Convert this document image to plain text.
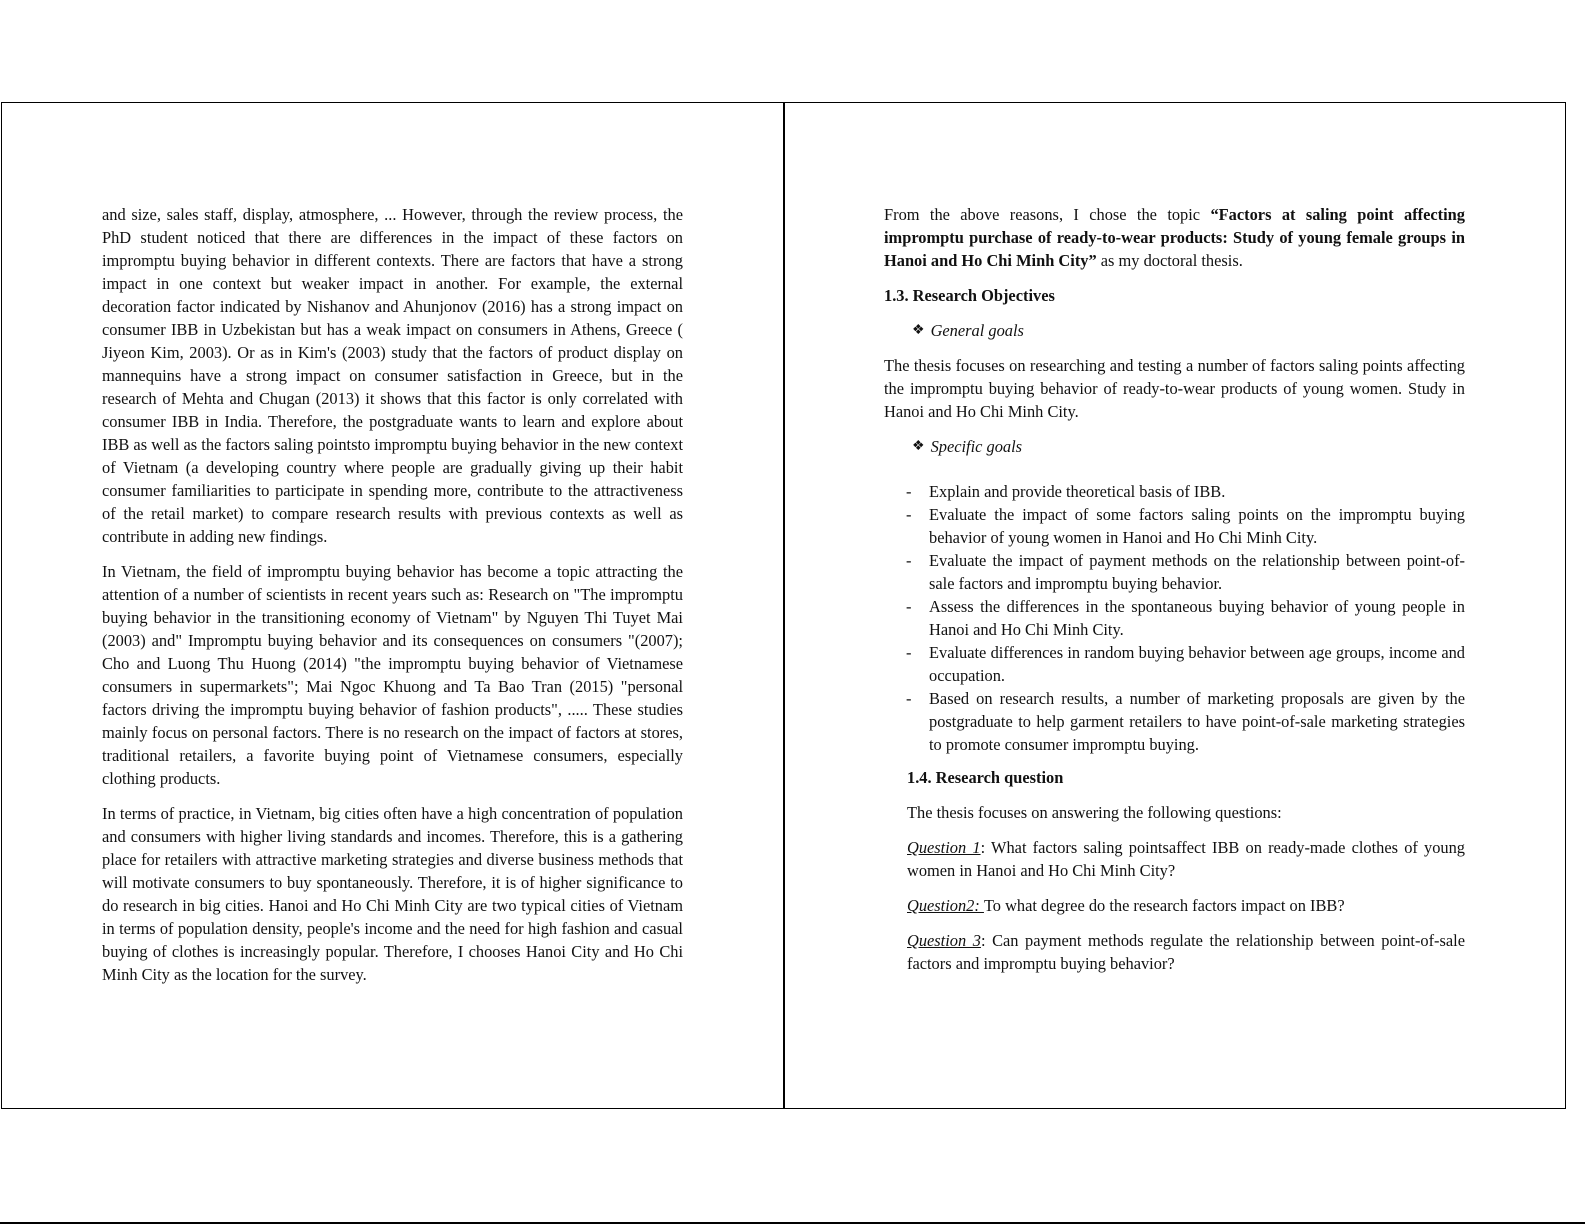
and size, sales staff, display, atmosphere, ... However, through the review process, the PhD student noticed that there are differences in the impact of these factors on impromptu buying behavior in different contexts. There are factors that have a strong impact in one context but weaker impact in another. For example, the external decoration factor indicated by Nishanov and Ahunjonov (2016) has a strong impact on consumer IBB in Uzbekistan but has a weak impact on consumers in Athens, Greece ( Jiyeon Kim, 2003). Or as in Kim's (2003) study that the factors of product display on mannequins have a strong impact on consumer satisfaction in Greece, but in the research of Mehta and Chugan (2013) it shows that this factor is only correlated with consumer IBB in India. Therefore, the postgraduate wants to learn and explore about IBB as well as the factors saling pointsto impromptu buying behavior in the new context of Vietnam (a developing country where people are gradually giving up their habit consumer familiarities to participate in spending more, contribute to the attractiveness of the retail market) to compare research results with previous contexts as well as contribute in adding new findings.

In Vietnam, the field of impromptu buying behavior has become a topic attracting the attention of a number of scientists in recent years such as: Research on "The impromptu buying behavior in the transitioning economy of Vietnam" by Nguyen Thi Tuyet Mai (2003) and" Impromptu buying behavior and its consequences on consumers "(2007); Cho and Luong Thu Huong (2014) "the impromptu buying behavior of Vietnamese consumers in supermarkets"; Mai Ngoc Khuong and Ta Bao Tran (2015) "personal factors driving the impromptu buying behavior of fashion products", ..... These studies mainly focus on personal factors. There is no research on the impact of factors at stores, traditional retailers, a favorite buying point of Vietnamese consumers, especially clothing products.

In terms of practice, in Vietnam, big cities often have a high concentration of population and consumers with higher living standards and incomes. Therefore, this is a gathering place for retailers with attractive marketing strategies and diverse business methods that will motivate consumers to buy spontaneously. Therefore, it is of higher significance to do research in big cities. Hanoi and Ho Chi Minh City are two typical cities of Vietnam in terms of population density, people's income and the need for high fashion and casual buying of clothes is increasingly popular. Therefore, I chooses Hanoi City and Ho Chi Minh City as the location for the survey.

From the above reasons, I chose the topic “Factors at saling point affecting impromptu purchase of ready-to-wear products: Study of young female groups in Hanoi and Ho Chi Minh City” as my doctoral thesis.

1.3. Research Objectives
❖ General goals

The thesis focuses on researching and testing a number of factors saling points affecting the impromptu buying behavior of ready-to-wear products of young women. Study in Hanoi and Ho Chi Minh City.

❖ Specific goals
- Explain and provide theoretical basis of IBB.
- Evaluate the impact of some factors saling points on the impromptu buying behavior of young women in Hanoi and Ho Chi Minh City.
- Evaluate the impact of payment methods on the relationship between point-of-sale factors and impromptu buying behavior.
- Assess the differences in the spontaneous buying behavior of young people in Hanoi and Ho Chi Minh City.
- Evaluate differences in random buying behavior between age groups, income and occupation.
- Based on research results, a number of marketing proposals are given by the postgraduate to help garment retailers to have point-of-sale marketing strategies to promote consumer impromptu buying.
1.4. Research question

The thesis focuses on answering the following questions:

Question 1: What factors saling pointsaffect IBB on ready-made clothes of young women in Hanoi and Ho Chi Minh City?

Question2: To what degree do the research factors impact on IBB?

Question 3: Can payment methods regulate the relationship between point-of-sale factors and impromptu buying behavior?
